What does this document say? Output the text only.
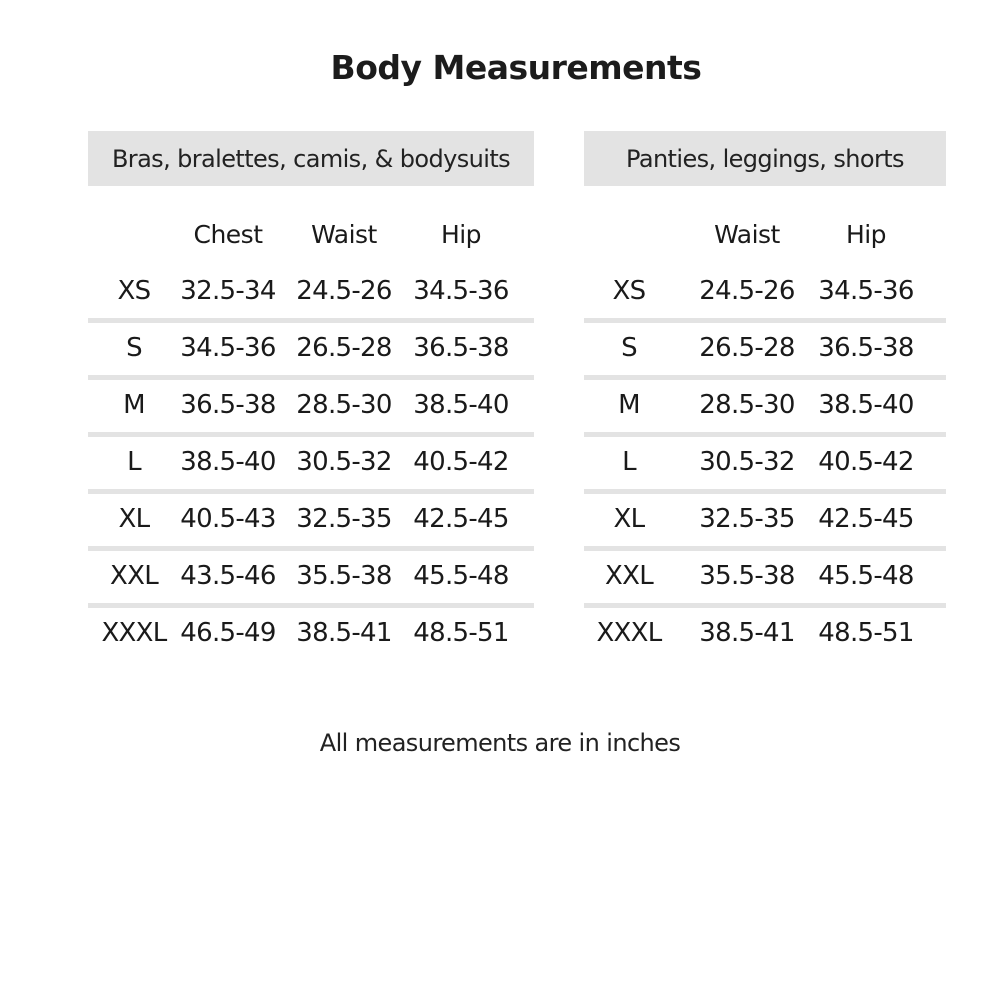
Body Measurements
Bras, bralettes, camis, & bodysuits
Chest Waist	Hip
XS 32.5-34 24.5-26 34.5-36
S 34.5-36 26.5-28 36.5-38
M 36.5-38 28.5-30 38.5-40
L 38.5-40 30.5-32 40.5-42
XL 40.5-43 32.5-35 42.5-45
XXL 43.5-46 35.5-38 45.5-48
XXXL 46.5-49 38.5-41 48.5-51
Panties, leggings, shorts
Waist	Hip
XS 24.5-26 34.5-36
S 26.5-28 36.5-38
M 28.5-30 38.5-40
L 30.5-32 40.5-42
XL 32.5-35 42.5-45
XXL 35.5-38 45.5-48
XXXL 38.5-41 48.5-51
All measurements are in inches
